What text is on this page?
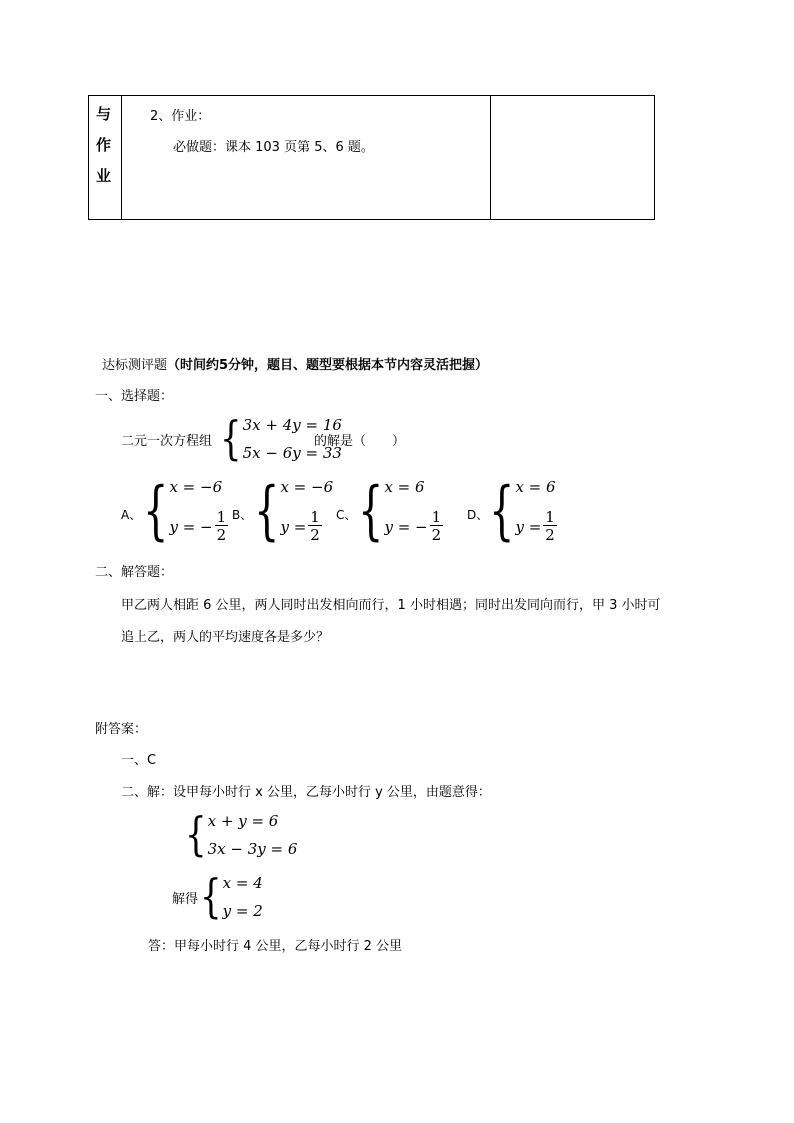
与
作
业
2、作业：
必做题：课本 103 页第 5、6 题。
达标测评题（时间约5分钟，题目、题型要根据本节内容灵活把握）
一、选择题：
二元一次方程组 { 3x + 4y = 16
5x − 6y = 33
的解是（　　）
A、 { x = −6
y = − $\frac{1}{2}$ B、 { x = −6
$y = \frac{1}{2}$ C、 { x = 6
y = − $\frac{1}{2}$ D、 { x = 6
$y = \frac{1}{2}$
二、解答题：
甲乙两人相距 6 公里，两人同时出发相向而行，1 小时相遇；同时出发同向而行，甲 3 小时可
追上乙，两人的平均速度各是多少？
附答案：
一、C
二、解：设甲每小时行 x 公里，乙每小时行 y 公里，由题意得：
{ x + y = 6
3x − 3y = 6
解得 { x = 4
y = 2
答：甲每小时行 4 公里，乙每小时行 2 公里
